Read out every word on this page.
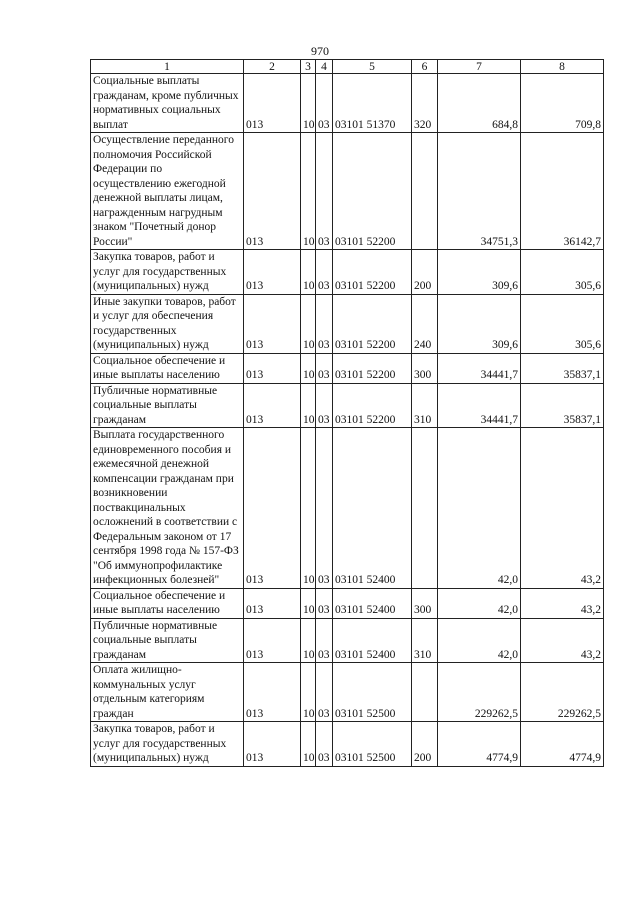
970
1	2	3	4	5	6	7	8
Социальные выплаты гражданам, кроме публичных нормативных социальных выплат	013	10	03	03101 51370	320	684,8	709,8
Осуществление переданного полномочия Российской Федерации по осуществлению ежегодной денежной выплаты лицам, награжденным нагрудным знаком "Почетный донор России"	013	10	03	03101 52200		34751,3	36142,7
Закупка товаров, работ и услуг для государственных (муниципальных) нужд	013	10	03	03101 52200	200	309,6	305,6
Иные закупки товаров, работ и услуг для обеспечения государственных (муниципальных) нужд	013	10	03	03101 52200	240	309,6	305,6
Социальное обеспечение и иные выплаты населению	013	10	03	03101 52200	300	34441,7	35837,1
Публичные нормативные социальные выплаты гражданам	013	10	03	03101 52200	310	34441,7	35837,1
Выплата государственного единовременного пособия и ежемесячной денежной компенсации гражданам при возникновении поствакцинальных осложнений в соответствии с Федеральным законом от 17 сентября 1998 года № 157-ФЗ "Об иммунопрофилактике инфекционных болезней"	013	10	03	03101 52400		42,0	43,2
Социальное обеспечение и иные выплаты населению	013	10	03	03101 52400	300	42,0	43,2
Публичные нормативные социальные выплаты гражданам	013	10	03	03101 52400	310	42,0	43,2
Оплата жилищно-коммунальных услуг отдельным категориям граждан	013	10	03	03101 52500		229262,5	229262,5
Закупка товаров, работ и услуг для государственных (муниципальных) нужд	013	10	03	03101 52500	200	4774,9	4774,9
